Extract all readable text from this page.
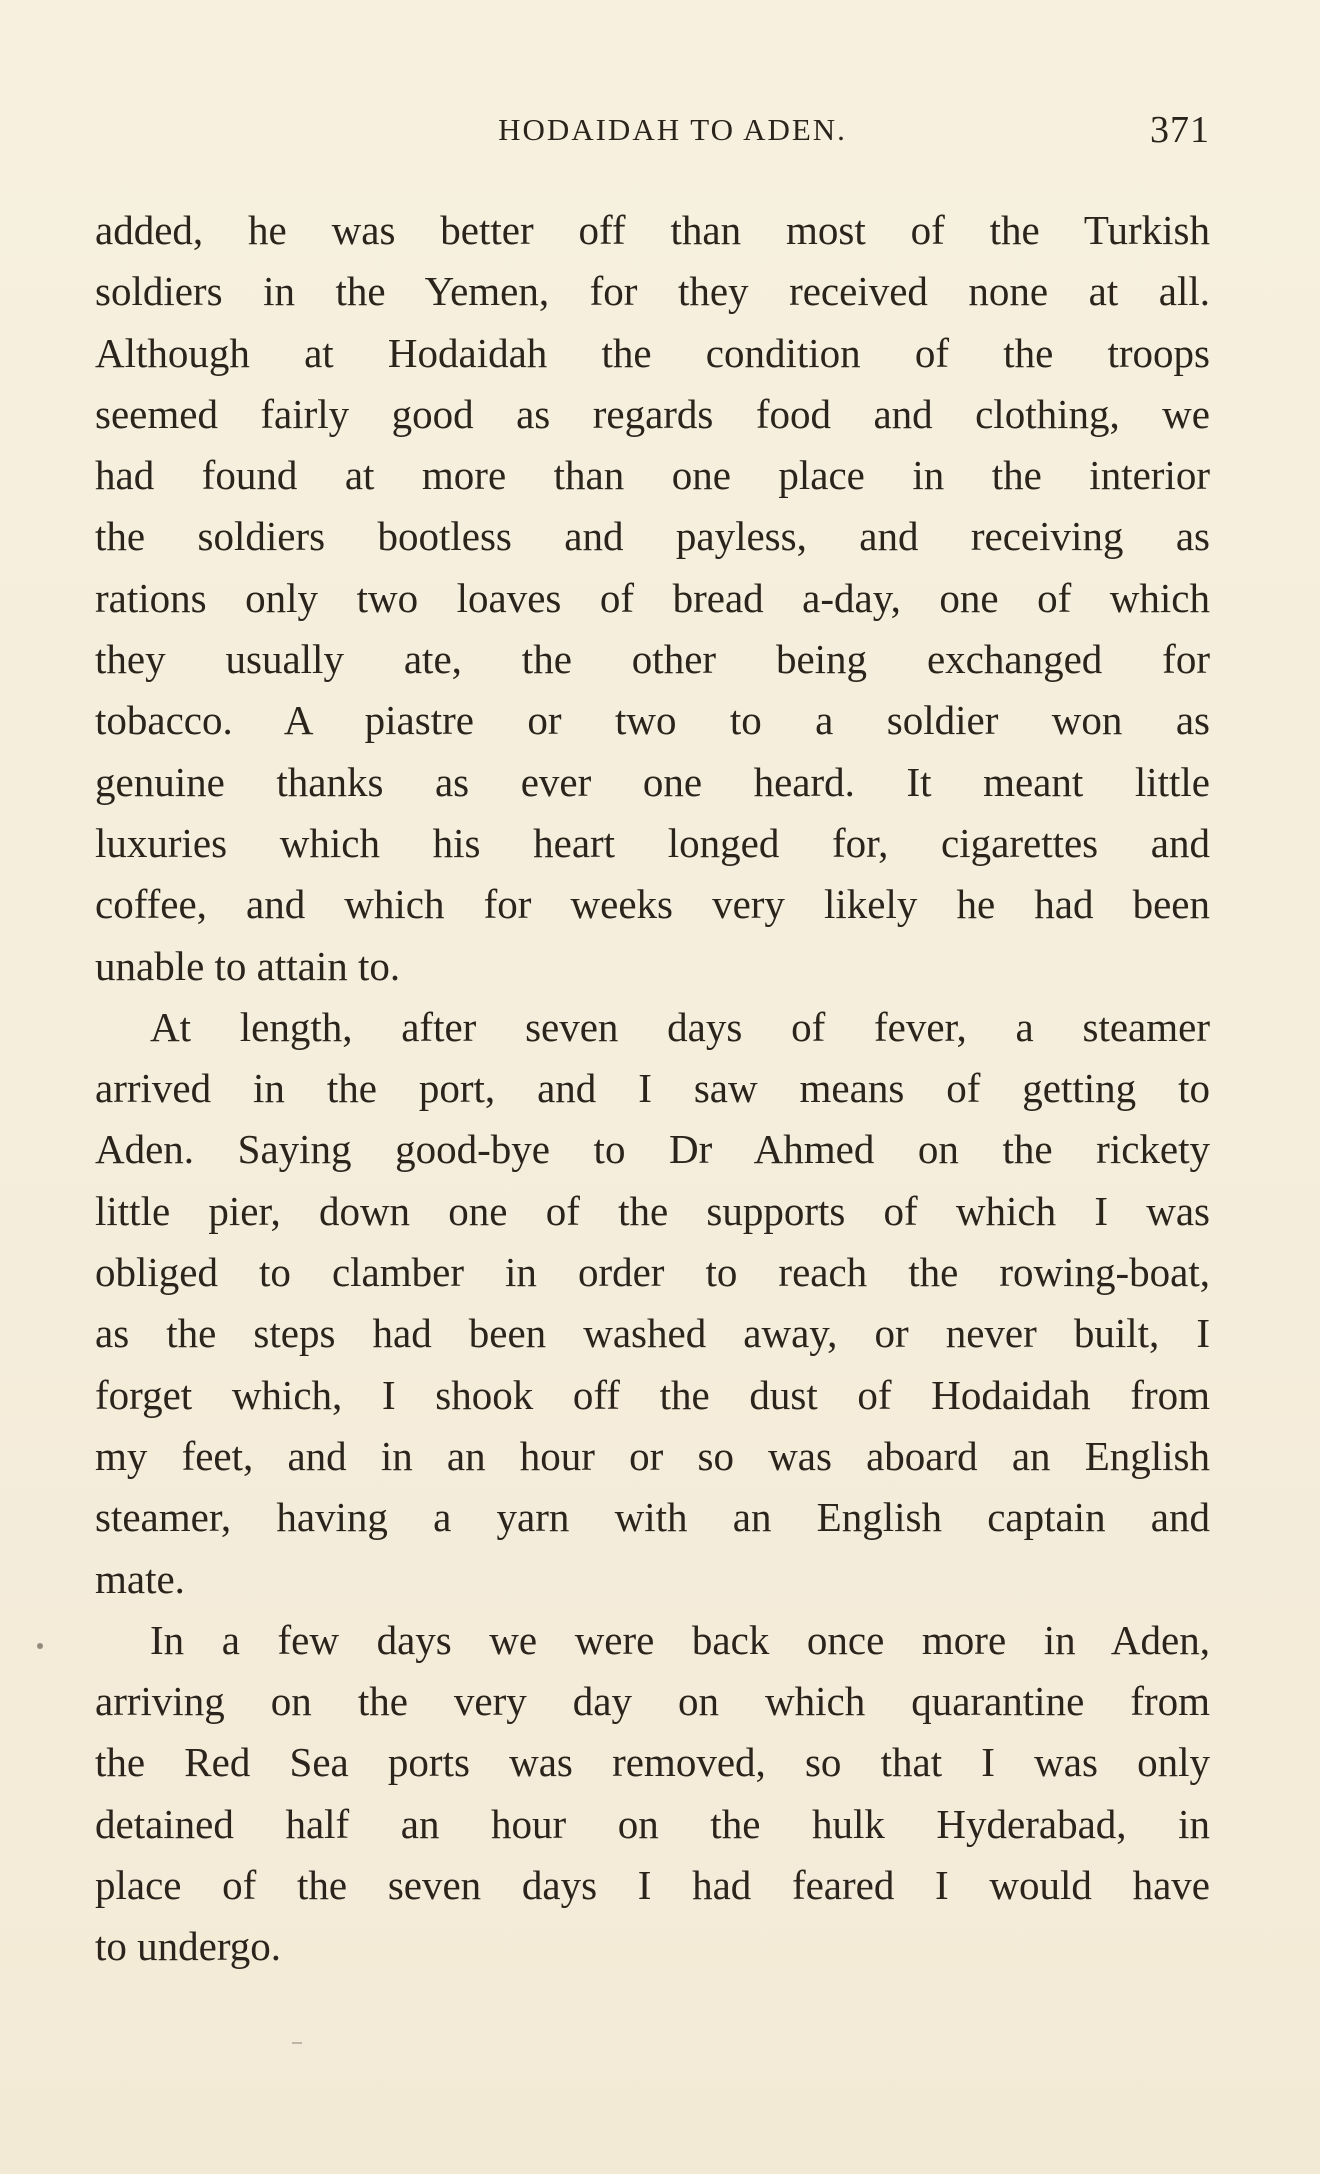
HODAIDAH TO ADEN.	371
added, he was better off than most of the Turkish
soldiers in the Yemen, for they received none at all.
Although at Hodaidah the condition of the troops
seemed fairly good as regards food and clothing, we
had found at more than one place in the interior
the soldiers bootless and payless, and receiving as
rations only two loaves of bread a-day, one of which
they usually ate, the other being exchanged for
tobacco. A piastre or two to a soldier won as
genuine thanks as ever one heard. It meant little
luxuries which his heart longed for, cigarettes and
coffee, and which for weeks very likely he had been
unable to attain to.
At length, after seven days of fever, a steamer
arrived in the port, and I saw means of getting to
Aden. Saying good-bye to Dr Ahmed on the rickety
little pier, down one of the supports of which I was
obliged to clamber in order to reach the rowing-boat,
as the steps had been washed away, or never built, I
forget which, I shook off the dust of Hodaidah from
my feet, and in an hour or so was aboard an English
steamer, having a yarn with an English captain and
mate.
In a few days we were back once more in Aden,
arriving on the very day on which quarantine from
the Red Sea ports was removed, so that I was only
detained half an hour on the hulk Hyderabad, in
place of the seven days I had feared I would have
to undergo.
